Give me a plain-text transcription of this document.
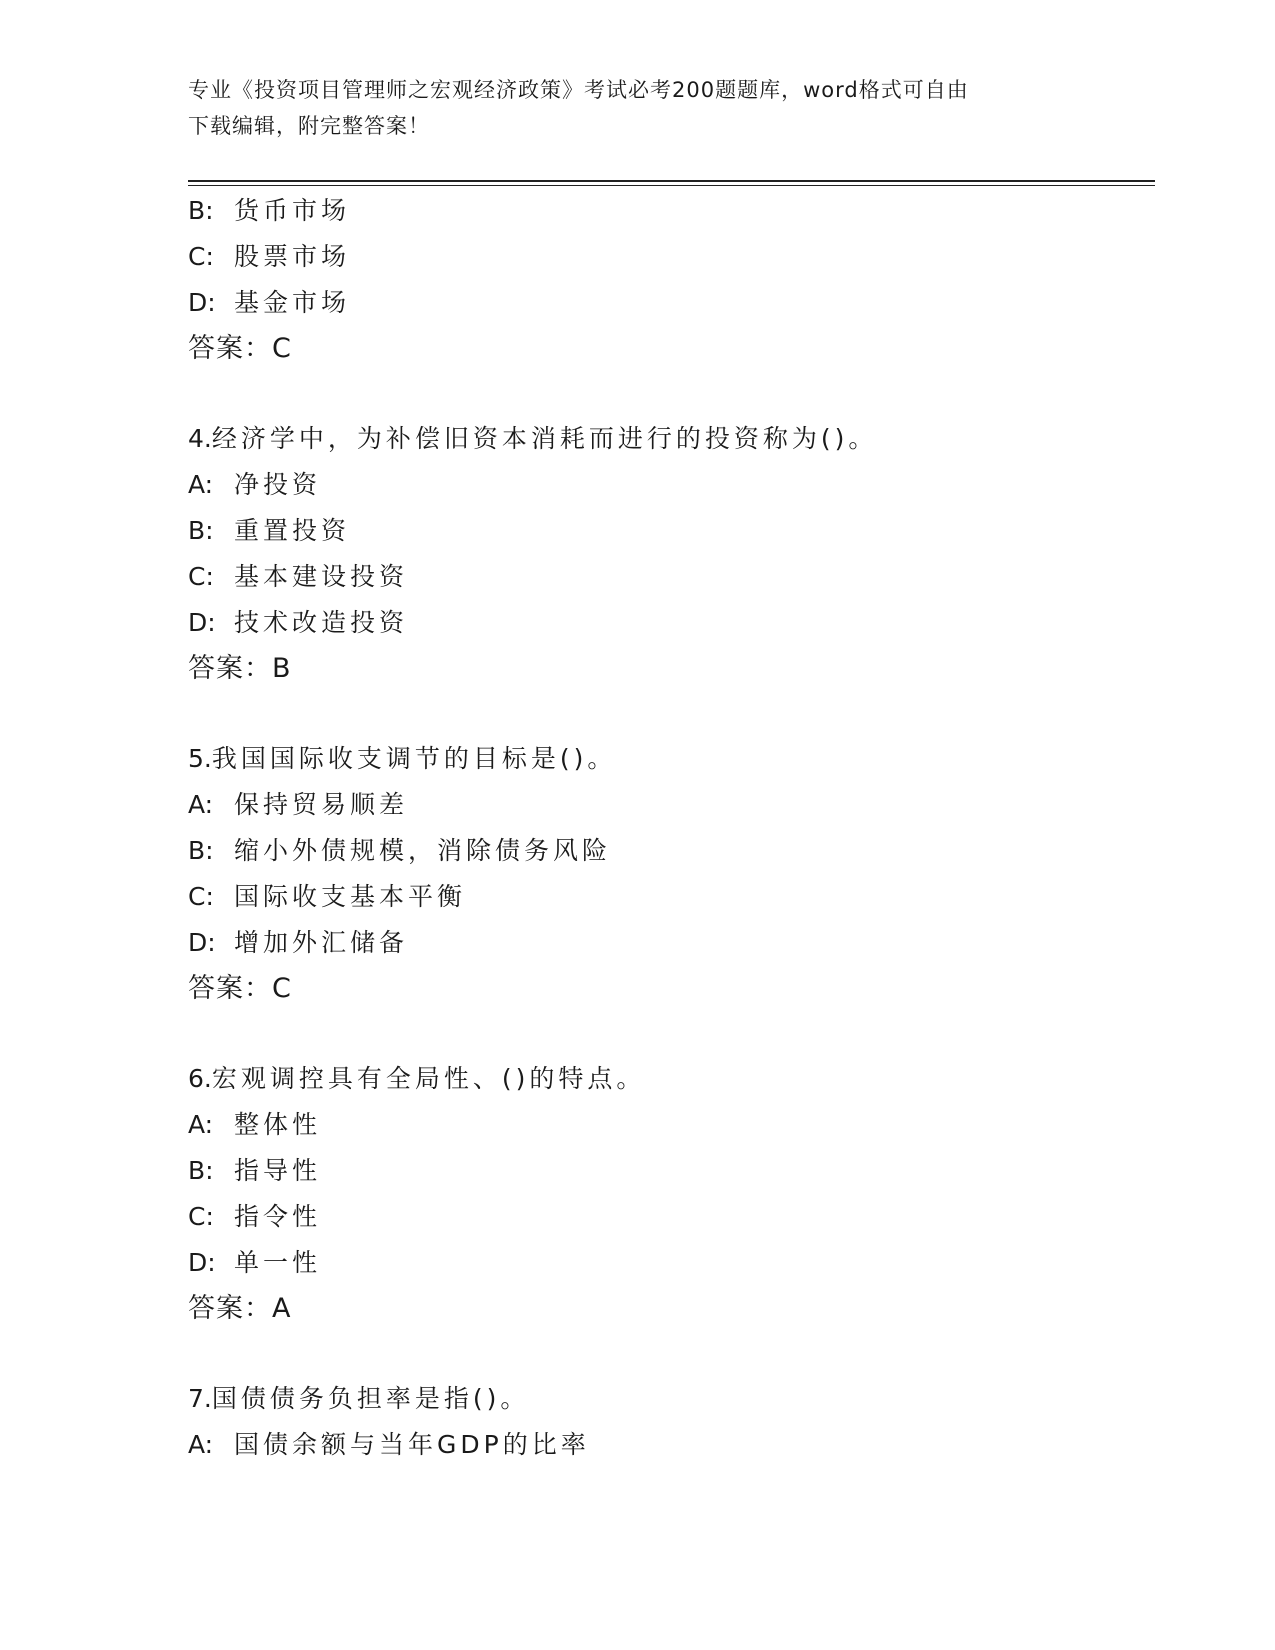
专业《投资项目管理师之宏观经济政策》考试必考200题题库，word格式可自由
下载编辑，附完整答案！
B: 货币市场
C: 股票市场
D: 基金市场
答案：C
4.经济学中，为补偿旧资本消耗而进行的投资称为()。
A: 净投资
B: 重置投资
C: 基本建设投资
D: 技术改造投资
答案：B
5.我国国际收支调节的目标是()。
A: 保持贸易顺差
B: 缩小外债规模，消除债务风险
C: 国际收支基本平衡
D: 增加外汇储备
答案：C
6.宏观调控具有全局性、()的特点。
A: 整体性
B: 指导性
C: 指令性
D: 单一性
答案：A
7.国债债务负担率是指()。
A: 国债余额与当年GDP的比率
